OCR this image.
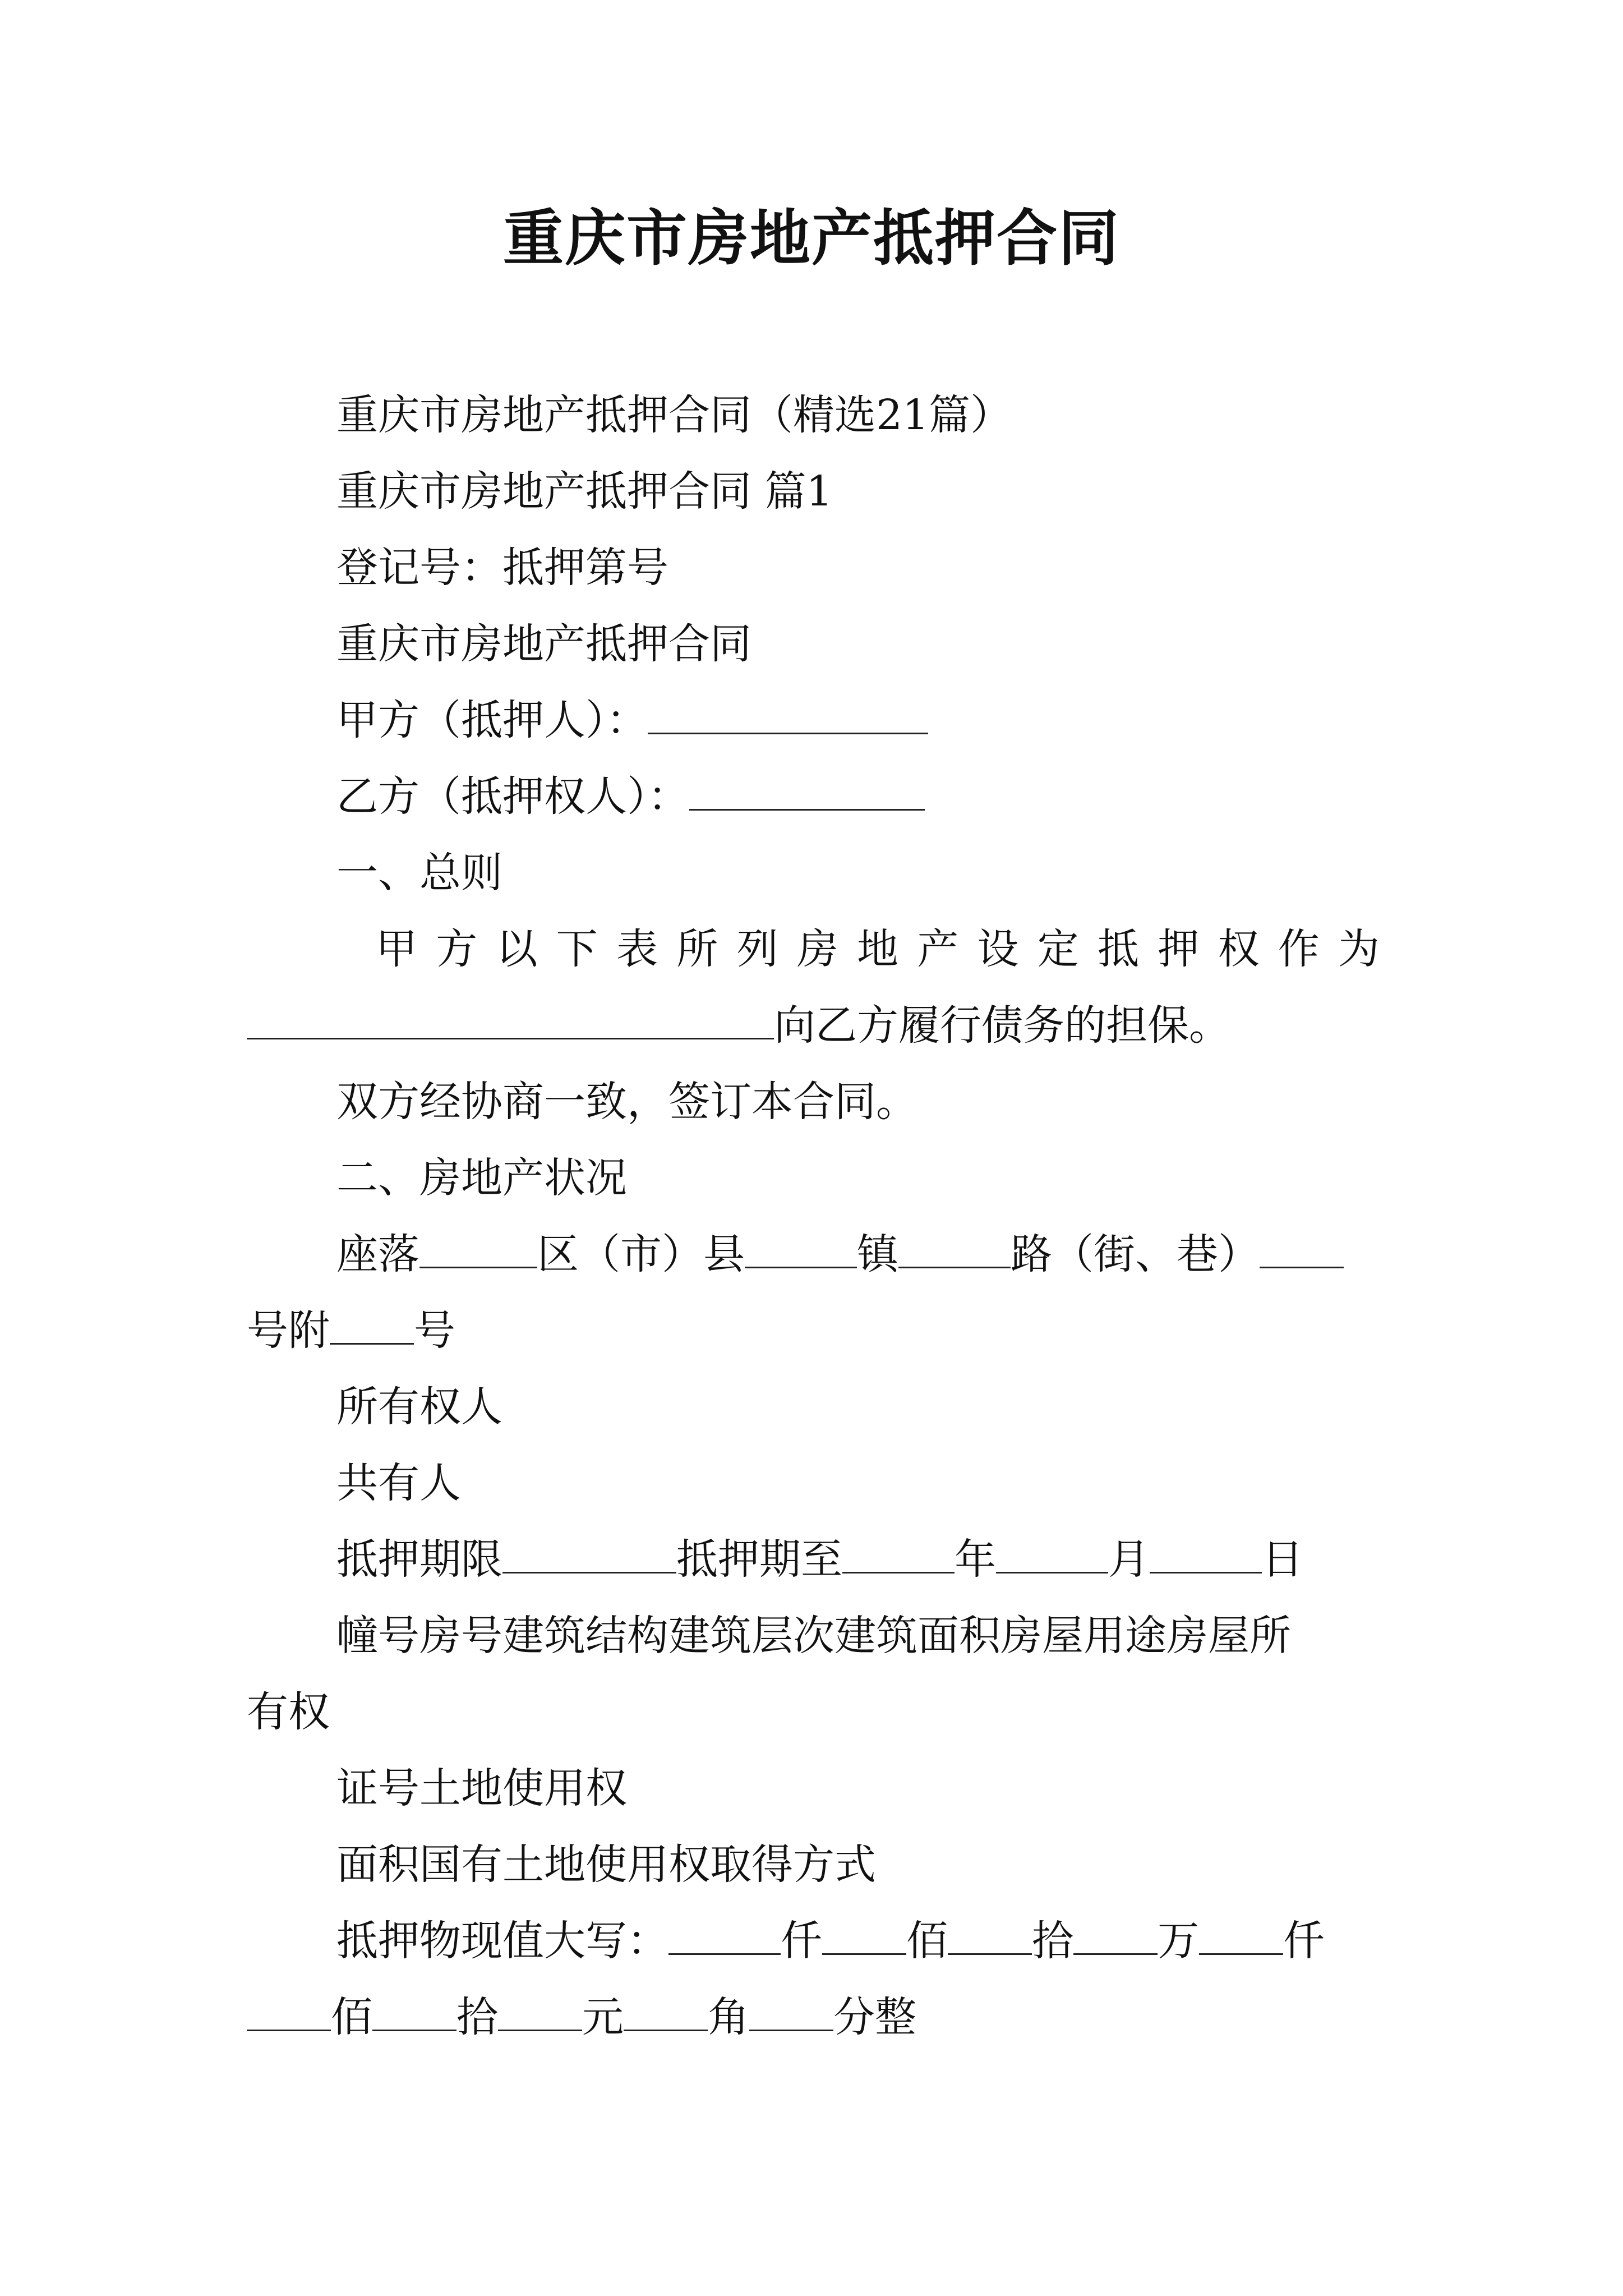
重庆市房地产抵押合同
重庆市房地产抵押合同（精选21篇）
重庆市房地产抵押合同 篇1
登记号：抵押第号
重庆市房地产抵押合同
甲方（抵押人）：
乙方（抵押权人）：
一、总则
甲 方 以 下 表 所 列 房 地 产 设 定 抵 押 权 作 为
向乙方履行债务的担保。
双方经协商一致，签订本合同。
二、房地产状况
座落	区（市）县	镇	路（街、巷）
号附 号
所有权人
共有人
抵押期限	抵押期至	年	月	日
幢号房号建筑结构建筑层次建筑面积房屋用途房屋所
有权
证号土地使用权
面积国有土地使用权取得方式
抵押物现值大写：	仟 佰 拾 万 仟
佰 拾 元 角 分整
